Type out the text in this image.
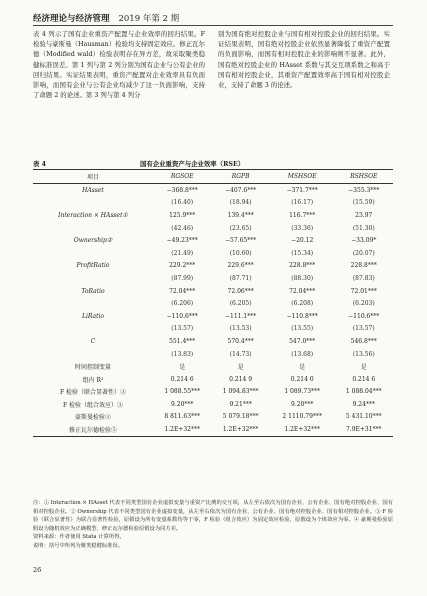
经济理论与经济管理 2019 年第 2 期
表 4 列示了国有企业重资产配置与企业效率的回归结果。F 检验与豪斯曼（Hausman）检验均支持固定效应。修正瓦尔德（Modified wald）检验表明存在异方差，故采取聚类稳健标准误差。第 1 列与第 2 列分别为国有企业与公有企业的回归结果。实证结果表明，重资产配置对企业效率具有负面影响，而国有企业与公有企业均减少了这一负面影响，支持了命题 2 的论述。第 3 列与第 4 列分
别为国有绝对控股企业与国有相对控股企业的回归结果。实证结果表明，国有绝对控股企业依然显著降低了重资产配置的负面影响，而国有相对控股企业的影响则不显著。此外，国有绝对控股企业的 HAsset 系数与其交互项系数之和高于国有相对控股企业，其重资产配置效率高于国有相对控股企业，支持了命题 3 的论述。
表 4	国有企业重资产与企业效率（RSE）
项目	RGSOE	RGPB	MSHSOE	RSHSOE
HAsset	−368.8***	−407.6***	−371.7***	−355.3***
	(16.40)	(18.94)	(16.17)	(15.59)
Interaction × HAsset①	125.9***	139.4***	116.7***	23.97
	(42.46)	(23.65)	(33.36)	(51.30)
Ownership②	−49.23***	−57.65***	−20.12	−33.09*
	(21.49)	(10.60)	(15.34)	(20.07)
ProfitRatio	229.2***	229.6***	228.8***	228.8***
	(87.99)	(87.71)	(88.30)	(87.83)
ToRatio	72.04***	72.06***	72.04***	72.01***
	(6.206)	(6.205)	(6.208)	(6.203)
LiRatio	−110.6***	−111.1***	−110.8***	−110.6***
	(13.57)	(13.53)	(13.55)	(13.57)
C	551.4***	570.4***	547.0***	546.8***
	(13.83)	(14.73)	(13.68)	(13.56)
时间控制变量	是	是	是	是
组内 R²	0.214 6	0.214 9	0.214 0	0.214 6
F 检验（联合显著性）③	1 088.55***	1 094.83***	1 089.73***	1 088.04***
F 检验（组合效应）③	9.20***	9.21***	9.20***	9.24***
豪斯曼检验④	8 811.63***	5 079.18***	2 1110.79***	5 431.10***
修正瓦尔德检验⑤	1.2E+32***	1.2E+32***	1.2E+32***	7.9E+31***
注：① Interaction × HAsset 代表不同类型国有企业虚拟变量与重资产比例的交互项，从左至右依次为国有企业、公有企业、国有绝对控股企业、国有相对控股企业。② Ownership 代表不同类型国有企业虚拟变量，从左至右依次为国有企业、公有企业、国有绝对控股企业、国有相对控股企业。③ F 检验（联合显著性）为联合显著性检验，原假设为所有变量系数均等于零，F 检验（组合效应）为固定效应检验，原假设为个体效应为零。④ 豪斯曼检验原假设为随机效应为正确模型，修正瓦尔德检验原假设为同方差。
资料来源：作者使用 Stata 计算所得。
说明：括号中所列为聚类稳健标准误。
26
